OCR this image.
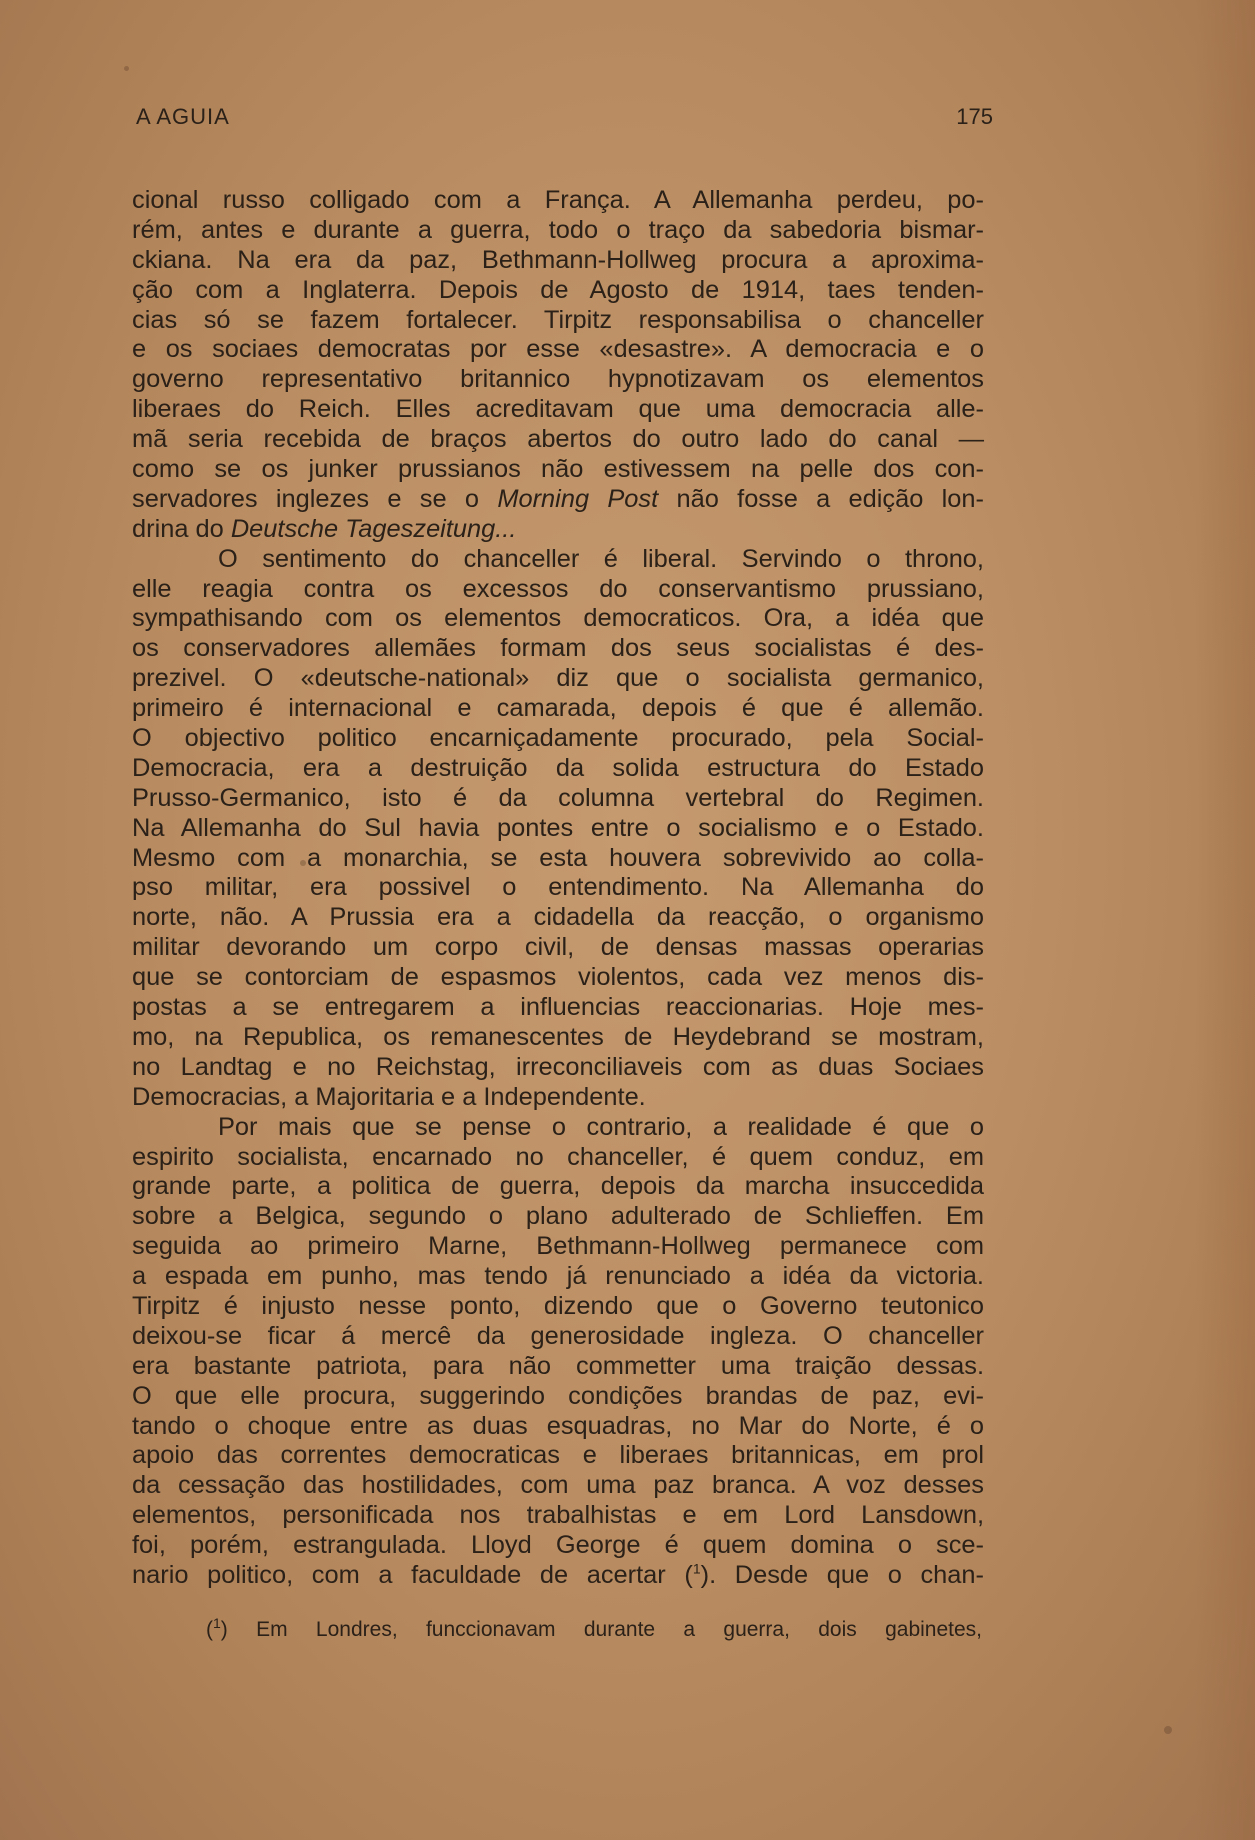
A AGUIA	175
cional russo colligado com a França. A Allemanha perdeu, po-
rém, antes e durante a guerra, todo o traço da sabedoria bismar-
ckiana. Na era da paz, Bethmann-Hollweg procura a aproxima-
ção com a Inglaterra. Depois de Agosto de 1914, taes tenden-
cias só se fazem fortalecer. Tirpitz responsabilisa o chanceller
e os sociaes democratas por esse «desastre». A democracia e o
governo representativo britannico hypnotizavam os elementos
liberaes do Reich. Elles acreditavam que uma democracia alle-
mã seria recebida de braços abertos do outro lado do canal —
como se os junker prussianos não estivessem na pelle dos con-
servadores inglezes e se o Morning Post não fosse a edição lon-
drina do Deutsche Tageszeitung...
O sentimento do chanceller é liberal. Servindo o throno,
elle reagia contra os excessos do conservantismo prussiano,
sympathisando com os elementos democraticos. Ora, a idéa que
os conservadores allemães formam dos seus socialistas é des-
prezivel. O «deutsche-national» diz que o socialista germanico,
primeiro é internacional e camarada, depois é que é allemão.
O objectivo politico encarniçadamente procurado, pela Social-
Democracia, era a destruição da solida estructura do Estado
Prusso-Germanico, isto é da columna vertebral do Regimen.
Na Allemanha do Sul havia pontes entre o socialismo e o Estado.
Mesmo com a monarchia, se esta houvera sobrevivido ao colla-
pso militar, era possivel o entendimento. Na Allemanha do
norte, não. A Prussia era a cidadella da reacção, o organismo
militar devorando um corpo civil, de densas massas operarias
que se contorciam de espasmos violentos, cada vez menos dis-
postas a se entregarem a influencias reaccionarias. Hoje mes-
mo, na Republica, os remanescentes de Heydebrand se mostram,
no Landtag e no Reichstag, irreconciliaveis com as duas Sociaes
Democracias, a Majoritaria e a Independente.
Por mais que se pense o contrario, a realidade é que o
espirito socialista, encarnado no chanceller, é quem conduz, em
grande parte, a politica de guerra, depois da marcha insuccedida
sobre a Belgica, segundo o plano adulterado de Schlieffen. Em
seguida ao primeiro Marne, Bethmann-Hollweg permanece com
a espada em punho, mas tendo já renunciado a idéa da victoria.
Tirpitz é injusto nesse ponto, dizendo que o Governo teutonico
deixou-se ficar á mercê da generosidade ingleza. O chanceller
era bastante patriota, para não commetter uma traição dessas.
O que elle procura, suggerindo condições brandas de paz, evi-
tando o choque entre as duas esquadras, no Mar do Norte, é o
apoio das correntes democraticas e liberaes britannicas, em prol
da cessação das hostilidades, com uma paz branca. A voz desses
elementos, personificada nos trabalhistas e em Lord Lansdown,
foi, porém, estrangulada. Lloyd George é quem domina o sce-
nario politico, com a faculdade de acertar ($^1$). Desde que o chan-
($^1$) Em Londres, funccionavam durante a guerra, dois gabinetes,
